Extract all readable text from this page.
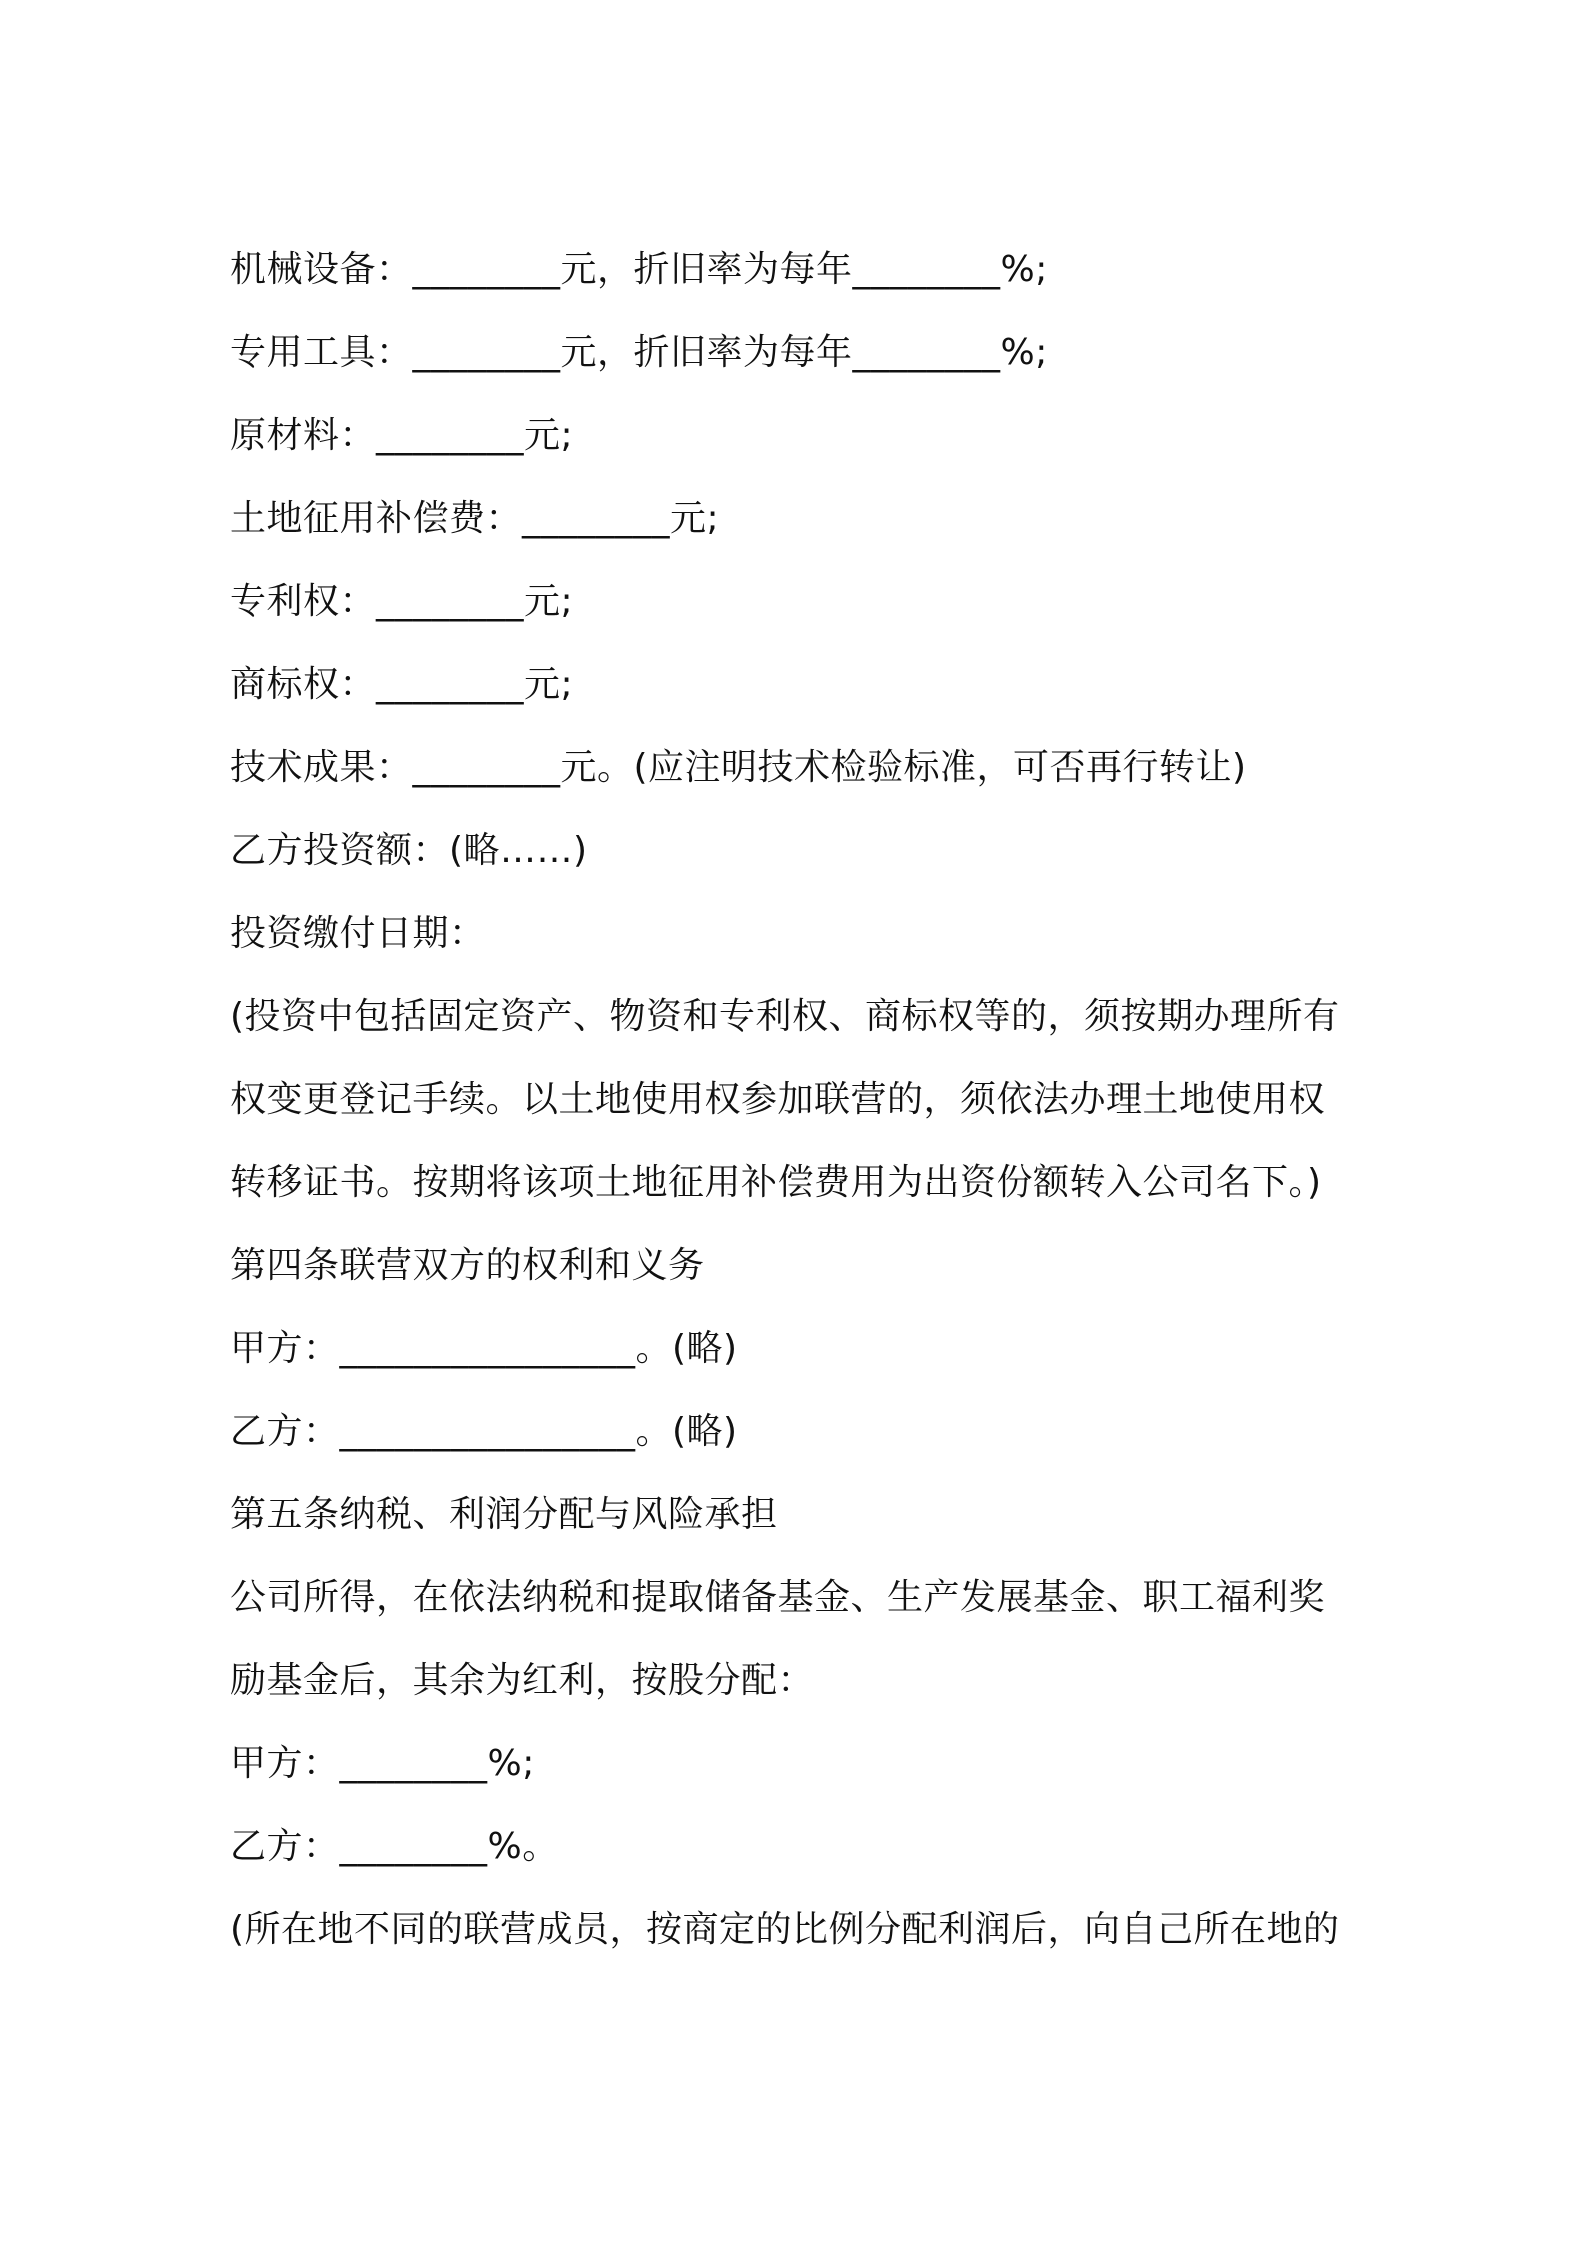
机械设备：________元，折旧率为每年________%;
专用工具：________元，折旧率为每年________%;
原材料：________元;
土地征用补偿费：________元;
专利权：________元;
商标权：________元;
技术成果：________元。(应注明技术检验标准，可否再行转让)
乙方投资额：(略……)
投资缴付日期：
(投资中包括固定资产、物资和专利权、商标权等的，须按期办理所有
权变更登记手续。以土地使用权参加联营的，须依法办理土地使用权
转移证书。按期将该项土地征用补偿费用为出资份额转入公司名下。)
第四条联营双方的权利和义务
甲方：________________。(略)
乙方：________________。(略)
第五条纳税、利润分配与风险承担
公司所得，在依法纳税和提取储备基金、生产发展基金、职工福利奖
励基金后，其余为红利，按股分配：
甲方：________%;
乙方：________%。
(所在地不同的联营成员，按商定的比例分配利润后，向自己所在地的
